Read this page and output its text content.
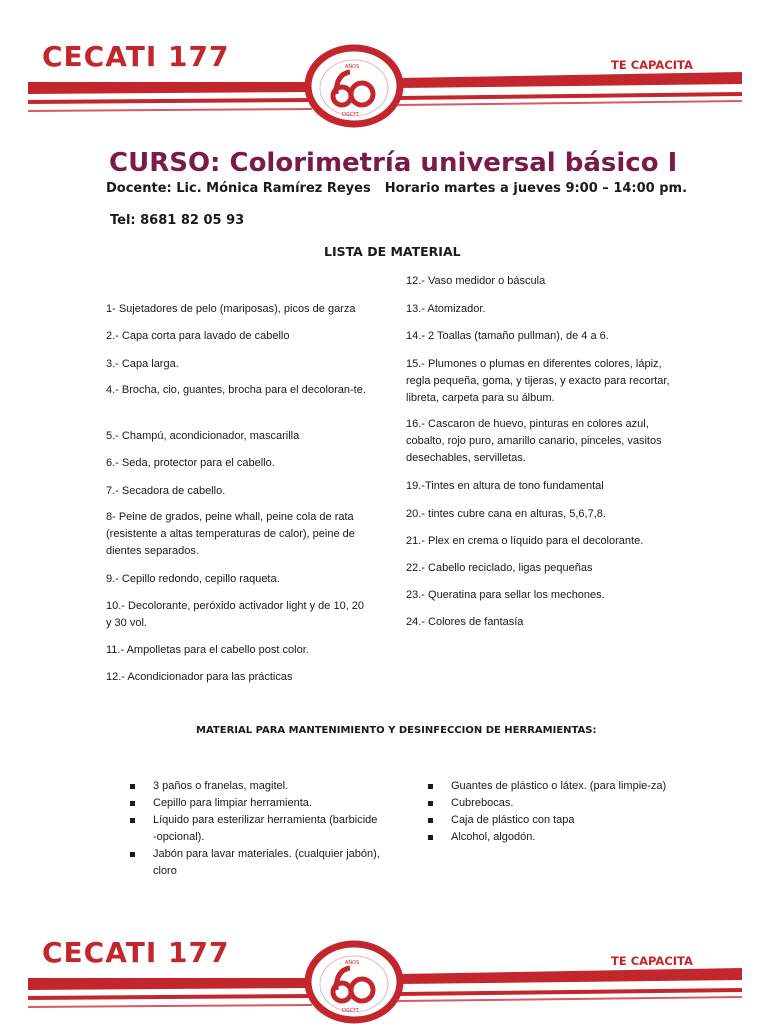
AÑOS
DGCFT
CECATI 177	TE CAPACITA
CURSO: Colorimetría universal básico I
Docente: Lic. Mónica Ramírez Reyes Horario martes a jueves 9:00 – 14:00 pm.
Tel: 8681 82 05 93
LISTA DE MATERIAL
1- Sujetadores de pelo (mariposas), picos de garza
2.- Capa corta para lavado de cabello
3.- Capa larga.
4.- Brocha, cio, guantes, brocha para el decoloran-te.
5.- Champú, acondicionador, mascarilla
6.- Seda, protector para el cabello.
7.- Secadora de cabello.
8- Peine de grados, peine whall, peine cola de rata (resistente a altas temperaturas de calor), peine de dientes separados.
9.- Cepillo redondo, cepillo raqueta.
10.- Decolorante, peróxido activador light y de 10, 20 y 30 vol.
11.- Ampolletas para el cabello post color.
12.- Acondicionador para las prácticas
12.- Vaso medidor o báscula
13.- Atomizador.
14.- 2 Toallas (tamaño pullman), de 4 a 6.
15.- Plumones o plumas en diferentes colores, lápiz, regla pequeña, goma, y tijeras, y exacto para recortar, libreta, carpeta para su álbum.
16.- Cascaron de huevo, pinturas en colores azul, cobalto, rojo puro, amarillo canario, pinceles, vasitos desechables, servilletas.
19.-Tintes en altura de tono fundamental
20.- tintes cubre cana en alturas, 5,6,7,8.
21.- Plex en crema o líquido para el decolorante.
22.- Cabello reciclado, ligas pequeñas
23.- Queratina para sellar los mechones.
24.- Colores de fantasía
MATERIAL PARA MANTENIMIENTO Y DESINFECCION DE HERRAMIENTAS:
3 paños o franelas, magitel.
Cepillo para limpiar herramienta.
Líquido para esterilizar herramienta (barbicide -opcional).
Jabón para lavar materiales. (cualquier jabón), cloro
Guantes de plástico o látex. (para limpie-za)
Cubrebocas.
Caja de plástico con tapa
Alcohol, algodón.
AÑOS
DGCFT
CECATI 177	TE CAPACITA
